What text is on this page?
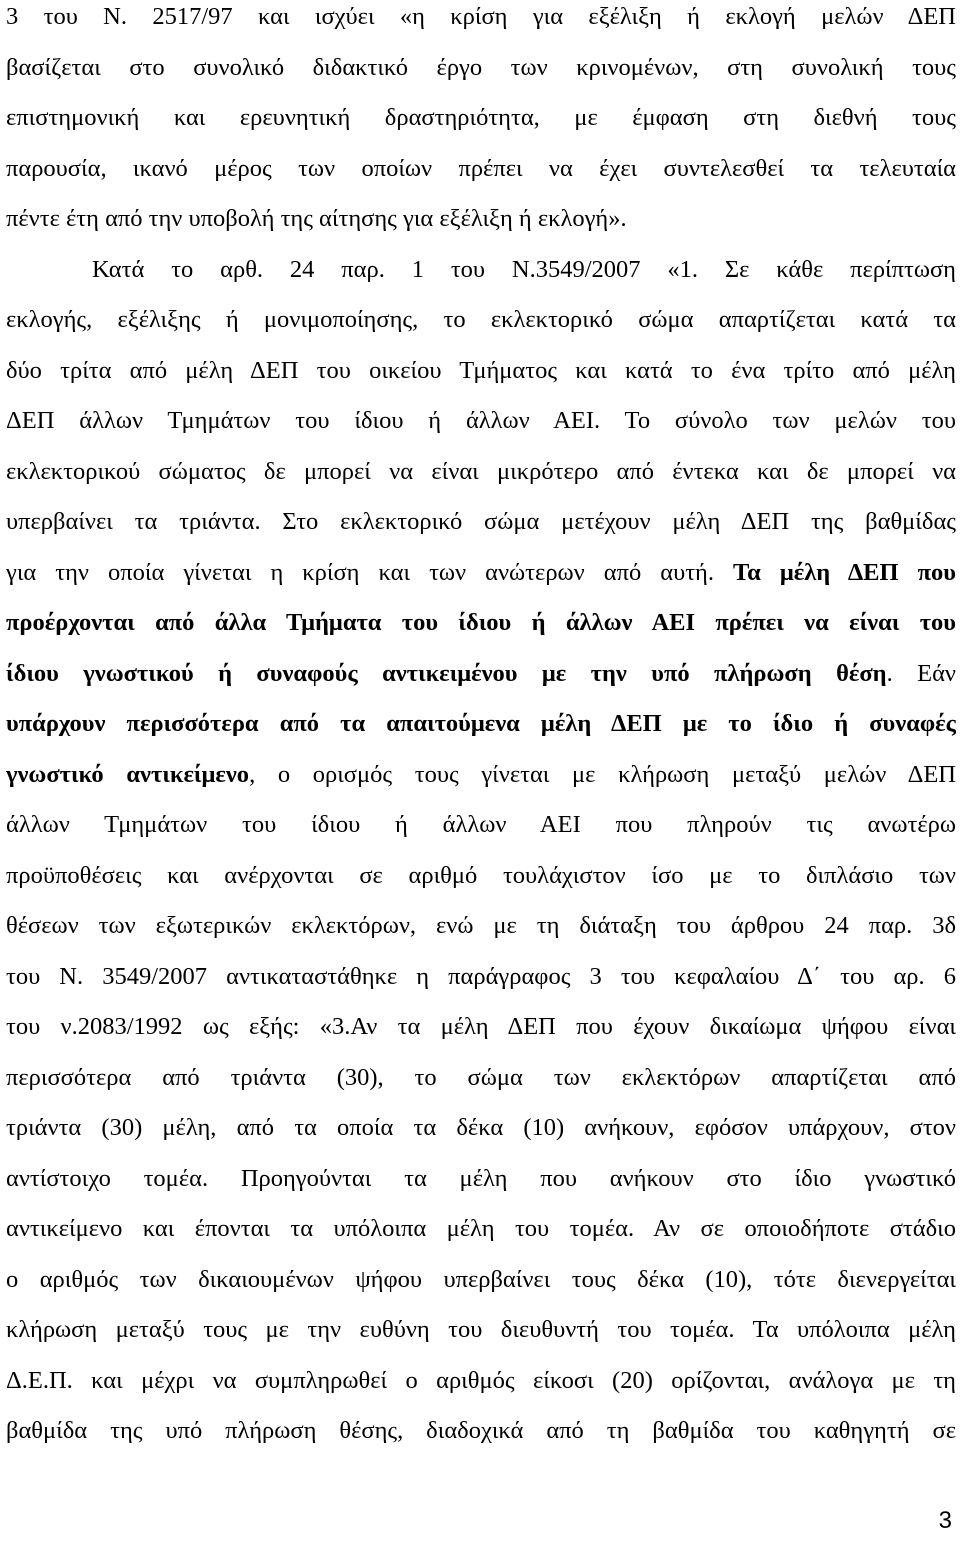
3 του Ν. 2517/97 και ισχύει «η κρίση για εξέλιξη ή εκλογή μελών ΔΕΠ
βασίζεται στο συνολικό διδακτικό έργο των κρινομένων, στη συνολική τους
επιστημονική και ερευνητική δραστηριότητα, με έμφαση στη διεθνή τους
παρουσία, ικανό μέρος των οποίων πρέπει να έχει συντελεσθεί τα τελευταία
πέντε έτη από την υποβολή της αίτησης για εξέλιξη ή εκλογή».
Κατά το αρθ. 24 παρ. 1 του Ν.3549/2007 «1. Σε κάθε περίπτωση
εκλογής, εξέλιξης ή μονιμοποίησης, το εκλεκτορικό σώμα απαρτίζεται κατά τα
δύο τρίτα από μέλη ΔΕΠ του οικείου Τμήματος και κατά το ένα τρίτο από μέλη
ΔΕΠ άλλων Τμημάτων του ίδιου ή άλλων ΑΕΙ. Το σύνολο των μελών του
εκλεκτορικού σώματος δε μπορεί να είναι μικρότερο από έντεκα και δε μπορεί να
υπερβαίνει τα τριάντα. Στο εκλεκτορικό σώμα μετέχουν μέλη ΔΕΠ της βαθμίδας
για την οποία γίνεται η κρίση και των ανώτερων από αυτή. Τα μέλη ΔΕΠ που
προέρχονται από άλλα Τμήματα του ίδιου ή άλλων ΑΕΙ πρέπει να είναι του
ίδιου γνωστικού ή συναφούς αντικειμένου με την υπό πλήρωση θέση. Εάν
υπάρχουν περισσότερα από τα απαιτούμενα μέλη ΔΕΠ με το ίδιο ή συναφές
γνωστικό αντικείμενο, ο ορισμός τους γίνεται με κλήρωση μεταξύ μελών ΔΕΠ
άλλων Τμημάτων του ίδιου ή άλλων ΑΕΙ που πληρούν τις ανωτέρω
προϋποθέσεις και ανέρχονται σε αριθμό τουλάχιστον ίσο με το διπλάσιο των
θέσεων των εξωτερικών εκλεκτόρων, ενώ με τη διάταξη του άρθρου 24 παρ. 3δ
του Ν. 3549/2007 αντικαταστάθηκε η παράγραφος 3 του κεφαλαίου Δ΄ του αρ. 6
του ν.2083/1992 ως εξής: «3.Αν τα μέλη ΔΕΠ που έχουν δικαίωμα ψήφου είναι
περισσότερα από τριάντα (30), το σώμα των εκλεκτόρων απαρτίζεται από
τριάντα (30) μέλη, από τα οποία τα δέκα (10) ανήκουν, εφόσον υπάρχουν, στον
αντίστοιχο τομέα. Προηγούνται τα μέλη που ανήκουν στο ίδιο γνωστικό
αντικείμενο και έπονται τα υπόλοιπα μέλη του τομέα. Αν σε οποιοδήποτε στάδιο
ο αριθμός των δικαιουμένων ψήφου υπερβαίνει τους δέκα (10), τότε διενεργείται
κλήρωση μεταξύ τους με την ευθύνη του διευθυντή του τομέα. Τα υπόλοιπα μέλη
Δ.Ε.Π. και μέχρι να συμπληρωθεί ο αριθμός είκοσι (20) ορίζονται, ανάλογα με τη
βαθμίδα της υπό πλήρωση θέσης, διαδοχικά από τη βαθμίδα του καθηγητή σε
3
